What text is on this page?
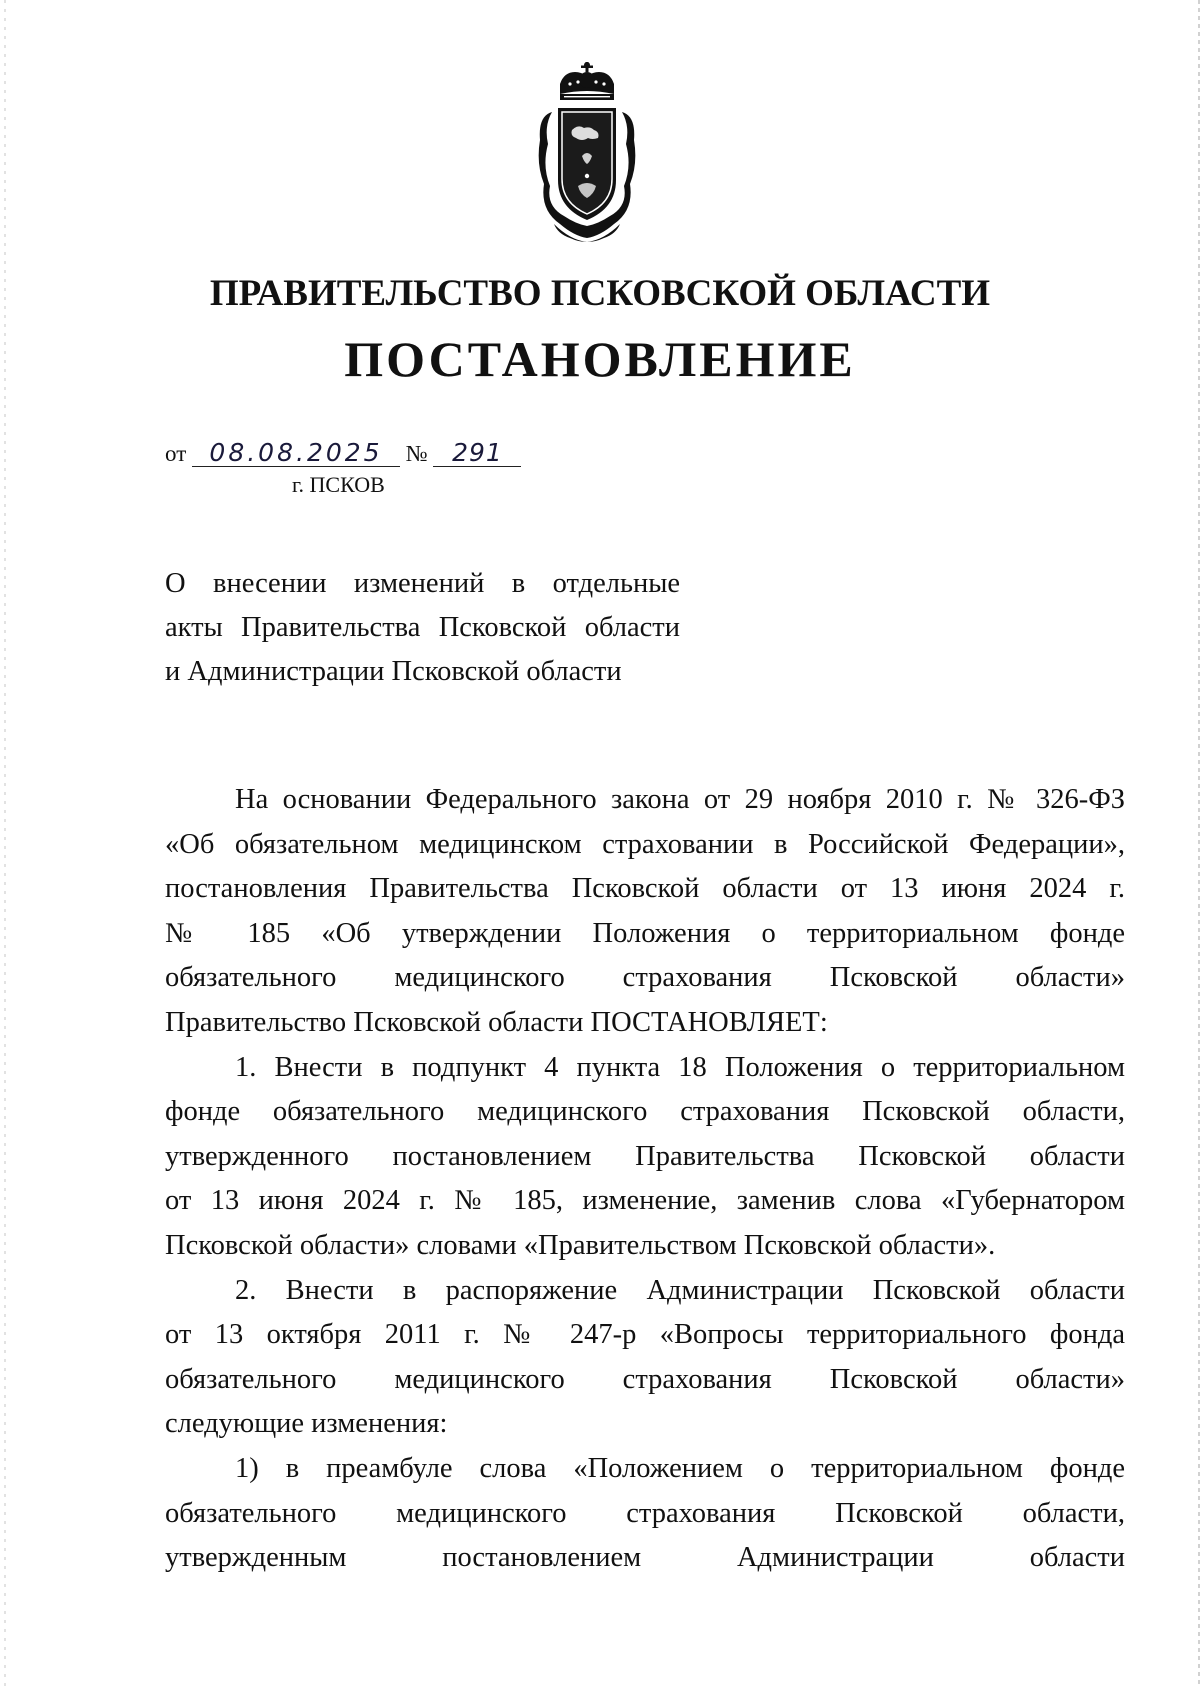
ПРАВИТЕЛЬСТВО ПСКОВСКОЙ ОБЛАСТИ
ПОСТАНОВЛЕНИЕ
от 08.08.2025 № 291
г. ПСКОВ
О внесении изменений в отдельные
акты Правительства Псковской области
и Администрации Псковской области
На основании Федерального закона от 29 ноября 2010 г. № 326-ФЗ
«Об обязательном медицинском страховании в Российской Федерации»,
постановления Правительства Псковской области от 13 июня 2024 г.
№ 185 «Об утверждении Положения о территориальном фонде
обязательного медицинского страхования Псковской области»
Правительство Псковской области ПОСТАНОВЛЯЕТ:
1. Внести в подпункт 4 пункта 18 Положения о территориальном
фонде обязательного медицинского страхования Псковской области,
утвержденного постановлением Правительства Псковской области
от 13 июня 2024 г. № 185, изменение, заменив слова «Губернатором
Псковской области» словами «Правительством Псковской области».
2. Внести в распоряжение Администрации Псковской области
от 13 октября 2011 г. № 247-р «Вопросы территориального фонда
обязательного медицинского страхования Псковской области»
следующие изменения:
1) в преамбуле слова «Положением о территориальном фонде
обязательного медицинского страхования Псковской области,
утвержденным постановлением Администрации области
